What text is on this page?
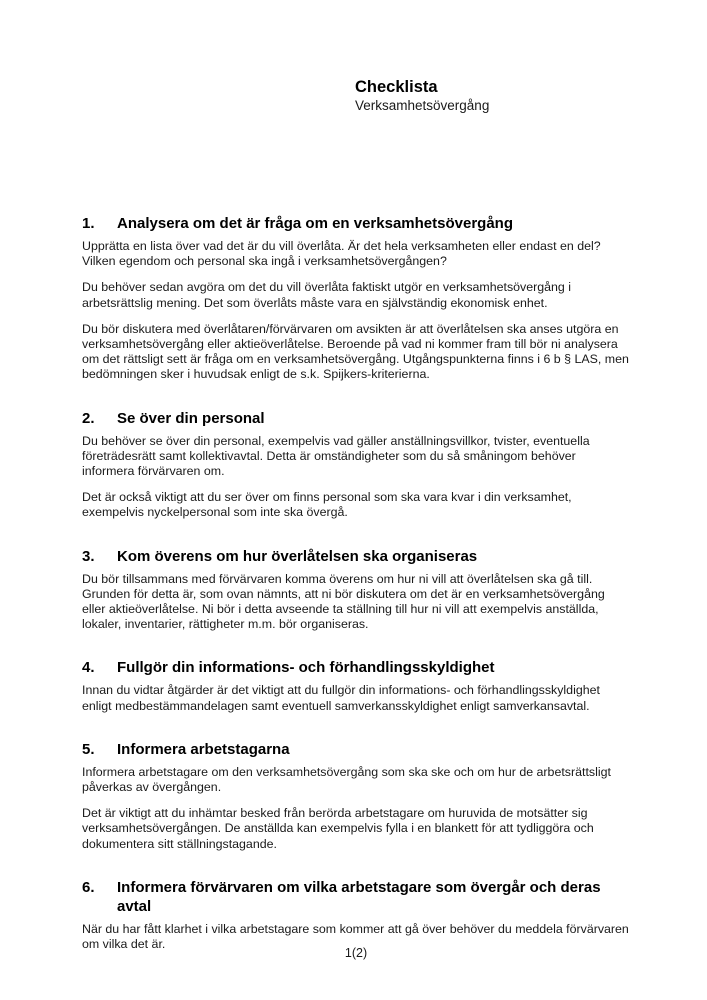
Checklista
Verksamhetsövergång
1.	Analysera om det är fråga om en verksamhetsövergång

Upprätta en lista över vad det är du vill överlåta. Är det hela verksamheten eller endast en del? Vilken egendom och personal ska ingå i verksamhetsövergången?

Du behöver sedan avgöra om det du vill överlåta faktiskt utgör en verksamhetsövergång i arbetsrättslig mening. Det som överlåts måste vara en självständig ekonomisk enhet.

Du bör diskutera med överlåtaren/förvärvaren om avsikten är att överlåtelsen ska anses utgöra en verksamhetsövergång eller aktieöverlåtelse. Beroende på vad ni kommer fram till bör ni analysera om det rättsligt sett är fråga om en verksamhetsövergång. Utgångspunkterna finns i 6 b § LAS, men bedömningen sker i huvudsak enligt de s.k. Spijkers-kriterierna.

2.	Se över din personal

Du behöver se över din personal, exempelvis vad gäller anställningsvillkor, tvister, eventuella företrädesrätt samt kollektivavtal. Detta är omständigheter som du så småningom behöver informera förvärvaren om.

Det är också viktigt att du ser över om finns personal som ska vara kvar i din verksamhet, exempelvis nyckelpersonal som inte ska övergå.

3.	Kom överens om hur överlåtelsen ska organiseras

Du bör tillsammans med förvärvaren komma överens om hur ni vill att överlåtelsen ska gå till. Grunden för detta är, som ovan nämnts, att ni bör diskutera om det är en verksamhetsövergång eller aktieöverlåtelse. Ni bör i detta avseende ta ställning till hur ni vill att exempelvis anställda, lokaler, inventarier, rättigheter m.m. bör organiseras.

4.	Fullgör din informations- och förhandlingsskyldighet

Innan du vidtar åtgärder är det viktigt att du fullgör din informations- och förhandlingsskyldighet enligt medbestämmandelagen samt eventuell samverkansskyldighet enligt samverkansavtal.

5.	Informera arbetstagarna

Informera arbetstagare om den verksamhetsövergång som ska ske och om hur de arbetsrättsligt påverkas av övergången.

Det är viktigt att du inhämtar besked från berörda arbetstagare om huruvida de motsätter sig verksamhetsövergången. De anställda kan exempelvis fylla i en blankett för att tydliggöra och dokumentera sitt ställningstagande.

6.	Informera förvärvaren om vilka arbetstagare som övergår och deras avtal

När du har fått klarhet i vilka arbetstagare som kommer att gå över behöver du meddela förvärvaren om vilka det är.

1(2)
